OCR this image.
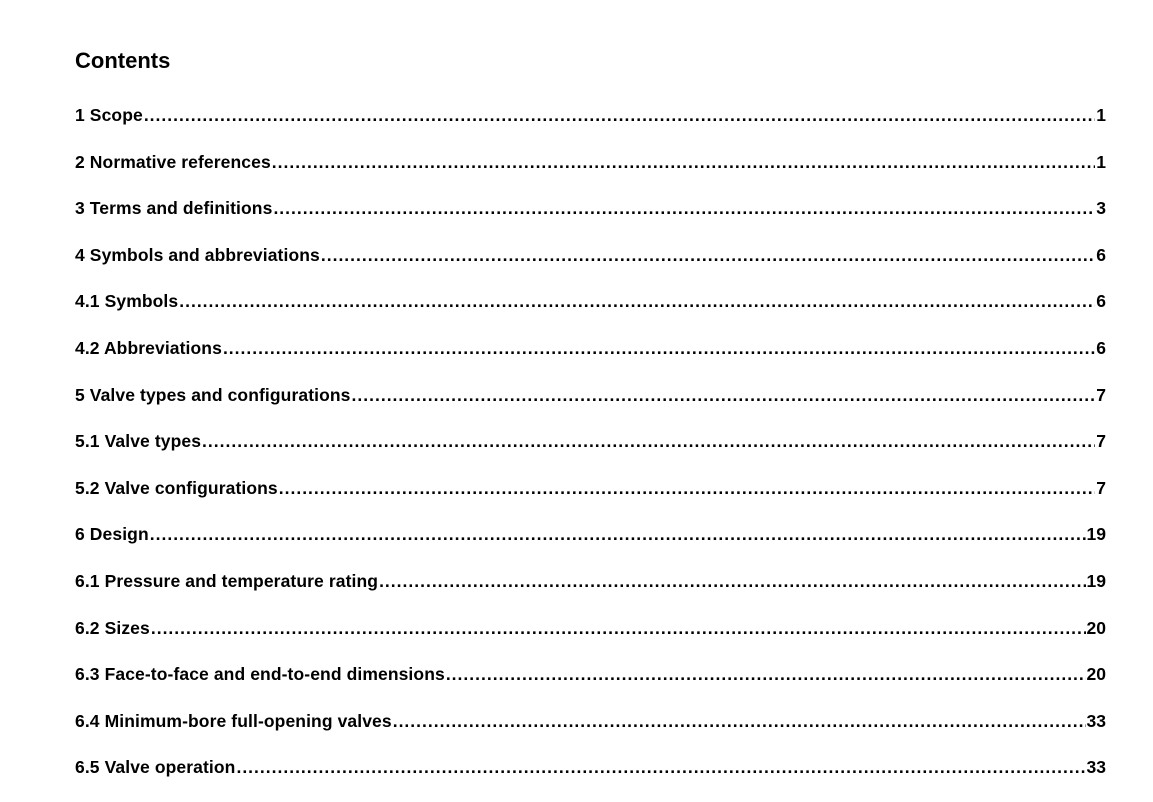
Contents
1 Scope .....	1
2 Normative references .....	1
3 Terms and definitions .....	3
4 Symbols and abbreviations .....	6
4.1 Symbols .....	6
4.2 Abbreviations .....	6
5 Valve types and configurations .....	7
5.1 Valve types .....	7
5.2 Valve configurations .....	7
6 Design .....	19
6.1 Pressure and temperature rating .....	19
6.2 Sizes .....	20
6.3 Face-to-face and end-to-end dimensions .....	20
6.4 Minimum-bore full-opening valves .....	33
6.5 Valve operation .....	33
